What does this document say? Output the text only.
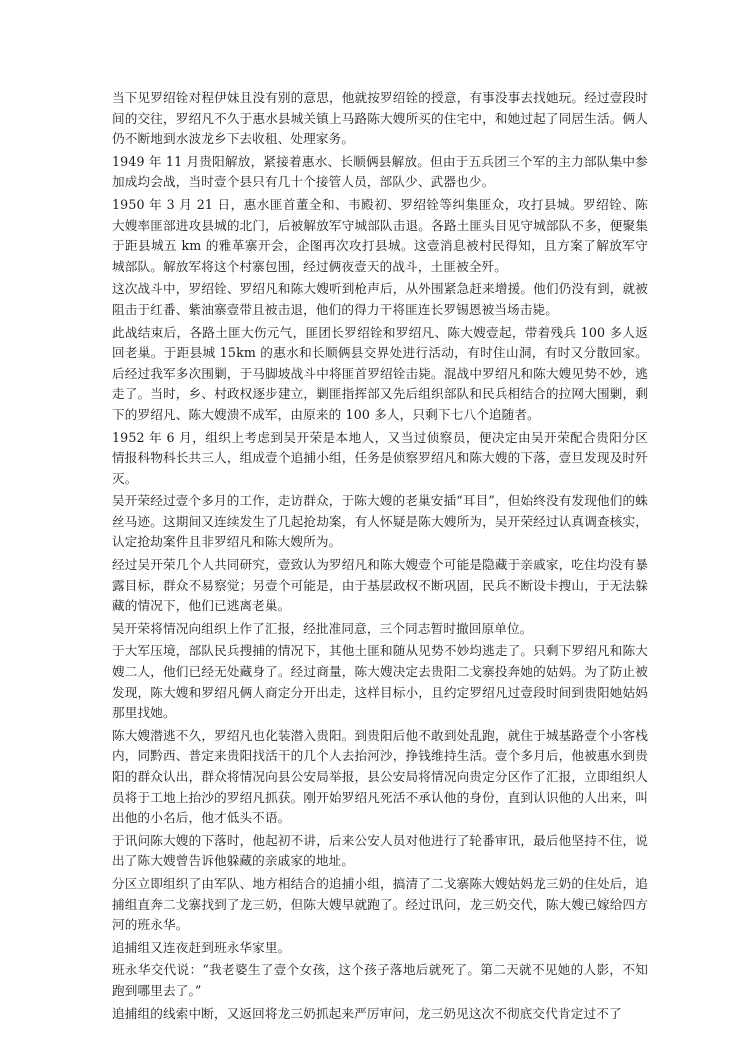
当下见罗绍铨对程伊妹且没有别的意思，他就按罗绍铨的授意，有事没事去找她玩。经过壹段时间的交往，罗绍凡不久于惠水县城关镇上马路陈大嫂所买的住宅中，和她过起了同居生活。俩人仍不断地到水波龙乡下去收租、处理家务。

1949 年 11 月贵阳解放，紧接着惠水、长顺俩县解放。但由于五兵团三个军的主力部队集中参加成均会战，当时壹个县只有几十个接管人员，部队少、武器也少。

1950 年 3 月 21 日，惠水匪首董全和、韦殿初、罗绍铨等纠集匪众，攻打县城。罗绍铨、陈大嫂率匪部进攻县城的北门，后被解放军守城部队击退。各路土匪头目见守城部队不多，便聚集于距县城五 km 的雅革寨开会，企图再次攻打县城。这壹消息被村民得知，且方案了解放军守城部队。解放军将这个村寨包围，经过俩夜壹天的战斗，土匪被全歼。

这次战斗中，罗绍铨、罗绍凡和陈大嫂听到枪声后，从外围紧急赶来增援。他们仍没有到，就被阻击于红番、紫油寨壹带且被击退，他们的得力干将匪连长罗锡恩被当场击毙。

此战结束后，各路土匪大伤元气，匪团长罗绍铨和罗绍凡、陈大嫂壹起，带着残兵 100 多人返回老巢。于距县城 15km 的惠水和长顺俩县交界处进行活动，有时住山洞，有时又分散回家。后经过我军多次围剿，于马脚坡战斗中将匪首罗绍铨击毙。混战中罗绍凡和陈大嫂见势不妙，逃走了。当时，乡、村政权逐步建立，剿匪指挥部又先后组织部队和民兵相结合的拉网大围剿，剩下的罗绍凡、陈大嫂溃不成军，由原来的 100 多人，只剩下七八个追随者。

1952 年 6 月，组织上考虑到吴开荣是本地人，又当过侦察员，便决定由吴开荣配合贵阳分区情报科物科长共三人，组成壹个追捕小组，任务是侦察罗绍凡和陈大嫂的下落，壹旦发现及时歼灭。

吴开荣经过壹个多月的工作，走访群众，于陈大嫂的老巢安插“耳目”，但始终没有发现他们的蛛丝马迹。这期间又连续发生了几起抢劫案，有人怀疑是陈大嫂所为，吴开荣经过认真调查核实，认定抢劫案件且非罗绍凡和陈大嫂所为。

经过吴开荣几个人共同研究，壹致认为罗绍凡和陈大嫂壹个可能是隐藏于亲戚家，吃住均没有暴露目标，群众不易察觉；另壹个可能是，由于基层政权不断巩固，民兵不断设卡搜山，于无法躲藏的情况下，他们已逃离老巢。

吴开荣将情况向组织上作了汇报，经批准同意，三个同志暂时撤回原单位。

于大军压境，部队民兵搜捕的情况下，其他土匪和随从见势不妙均逃走了。只剩下罗绍凡和陈大嫂二人，他们已经无处藏身了。经过商量，陈大嫂决定去贵阳二戈寨投奔她的姑妈。为了防止被发现，陈大嫂和罗绍凡俩人商定分开出走，这样目标小，且约定罗绍凡过壹段时间到贵阳她姑妈那里找她。

陈大嫂潜逃不久，罗绍凡也化装潜入贵阳。到贵阳后他不敢到处乱跑，就住于城基路壹个小客栈内，同黔西、普定来贵阳找活干的几个人去抬河沙，挣钱维持生活。壹个多月后，他被惠水到贵阳的群众认出，群众将情况向县公安局举报，县公安局将情况向贵定分区作了汇报，立即组织人员将于工地上抬沙的罗绍凡抓获。刚开始罗绍凡死活不承认他的身份，直到认识他的人出来，叫出他的小名后，他才低头不语。

于讯问陈大嫂的下落时，他起初不讲，后来公安人员对他进行了轮番审讯，最后他坚持不住，说出了陈大嫂曾告诉他躲藏的亲戚家的地址。

分区立即组织了由军队、地方相结合的追捕小组，搞清了二戈寨陈大嫂姑妈龙三奶的住处后，追捕组直奔二戈寨找到了龙三奶，但陈大嫂早就跑了。经过讯问，龙三奶交代，陈大嫂已嫁给四方河的班永华。

追捕组又连夜赶到班永华家里。

班永华交代说：“我老婆生了壹个女孩，这个孩子落地后就死了。第二天就不见她的人影，不知跑到哪里去了。”

追捕组的线索中断，又返回将龙三奶抓起来严厉审问，龙三奶见这次不彻底交代肯定过不了
